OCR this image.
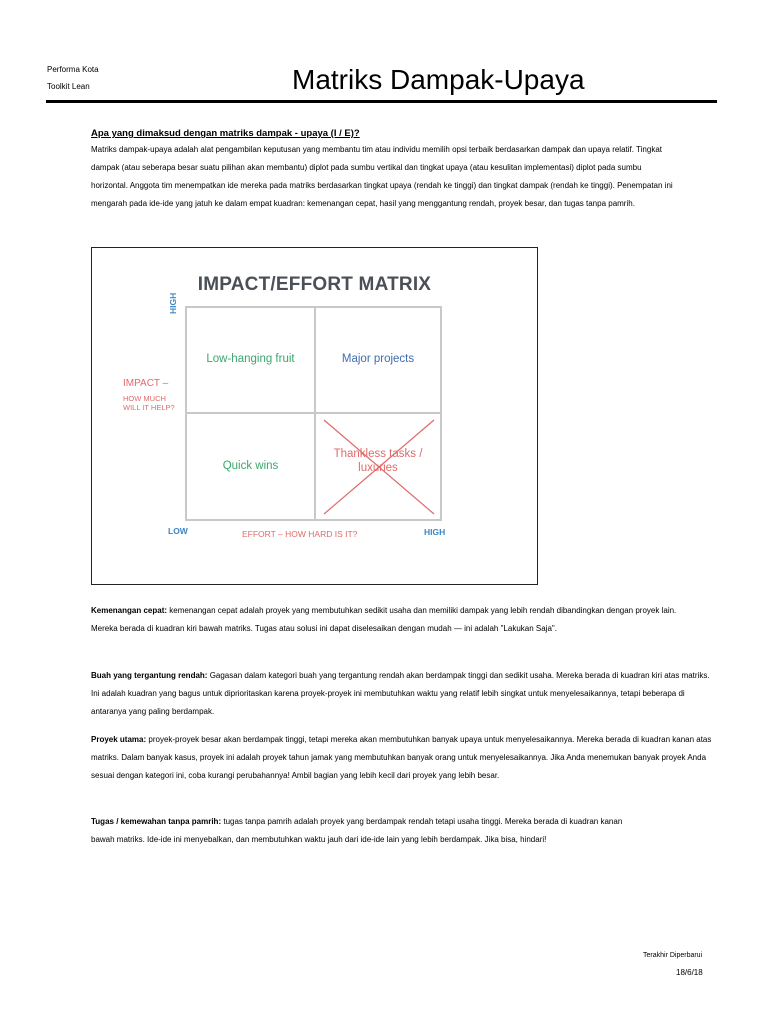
Performa Kota
Toolkit Lean	Matriks Dampak-Upaya
Apa yang dimaksud dengan matriks dampak - upaya (I / E)?
Matriks dampak-upaya adalah alat pengambilan keputusan yang membantu tim atau individu memilih opsi terbaik berdasarkan dampak dan upaya relatif. Tingkat
dampak (atau seberapa besar suatu pilihan akan membantu) diplot pada sumbu vertikal dan tingkat upaya (atau kesulitan implementasi) diplot pada sumbu
horizontal. Anggota tim menempatkan ide mereka pada matriks berdasarkan tingkat upaya (rendah ke tinggi) dan tingkat dampak (rendah ke tinggi). Penempatan ini
mengarah pada ide-ide yang jatuh ke dalam empat kuadran: kemenangan cepat, hasil yang menggantung rendah, proyek besar, dan tugas tanpa pamrih.
IMPACT/EFFORT MATRIX
HIGH
IMPACT –
HOW MUCH
WILL IT HELP?
Low-hanging fruit	Major projects
Quick wins
Thankless tasks /
luxuries
LOW	EFFORT – HOW HARD IS IT?	HIGH
Kemenangan cepat: kemenangan cepat adalah proyek yang membutuhkan sedikit usaha dan memiliki dampak yang lebih rendah dibandingkan dengan proyek lain.
Mereka berada di kuadran kiri bawah matriks. Tugas atau solusi ini dapat diselesaikan dengan mudah — ini adalah "Lakukan Saja".
Buah yang tergantung rendah: Gagasan dalam kategori buah yang tergantung rendah akan berdampak tinggi dan sedikit usaha. Mereka berada di kuadran kiri atas matriks.
Ini adalah kuadran yang bagus untuk diprioritaskan karena proyek-proyek ini membutuhkan waktu yang relatif lebih singkat untuk menyelesaikannya, tetapi beberapa di
antaranya yang paling berdampak.
Proyek utama: proyek-proyek besar akan berdampak tinggi, tetapi mereka akan membutuhkan banyak upaya untuk menyelesaikannya. Mereka berada di kuadran kanan atas
matriks. Dalam banyak kasus, proyek ini adalah proyek tahun jamak yang membutuhkan banyak orang untuk menyelesaikannya. Jika Anda menemukan banyak proyek Anda
sesuai dengan kategori ini, coba kurangi perubahannya! Ambil bagian yang lebih kecil dari proyek yang lebih besar.
Tugas / kemewahan tanpa pamrih: tugas tanpa pamrih adalah proyek yang berdampak rendah tetapi usaha tinggi. Mereka berada di kuadran kanan
bawah matriks. Ide-ide ini menyebalkan, dan membutuhkan waktu jauh dari ide-ide lain yang lebih berdampak. Jika bisa, hindari!
Terakhir Diperbarui
18/6/18
